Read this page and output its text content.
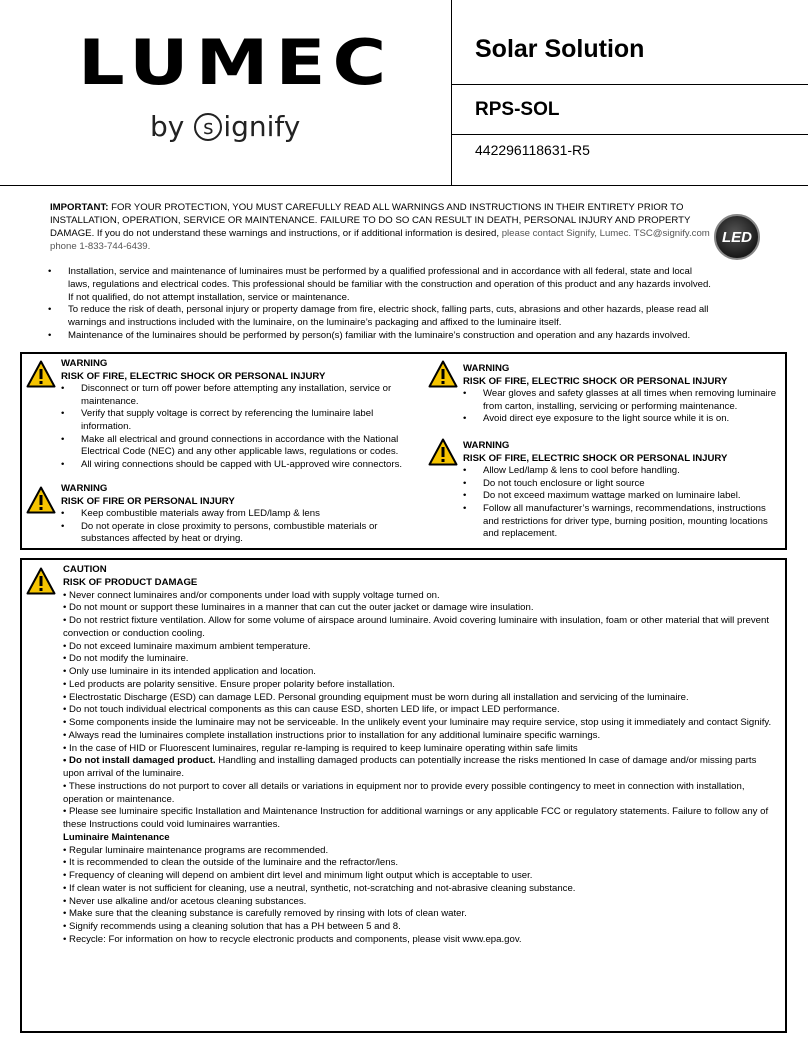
LUMEC
by s ignify
Solar Solution
RPS-SOL
442296118631-R5
IMPORTANT: FOR YOUR PROTECTION, YOU MUST CAREFULLY READ ALL WARNINGS AND INSTRUCTIONS IN THEIR ENTIRETY PRIOR TO INSTALLATION, OPERATION, SERVICE OR MAINTENANCE. FAILURE TO DO SO CAN RESULT IN DEATH, PERSONAL INJURY AND PROPERTY DAMAGE. If you do not understand these warnings and instructions, or if additional information is desired, please contact Signify, Lumec. TSC@signify.com phone 1-833-744-6439.
LED
• Installation, service and maintenance of luminaires must be performed by a qualified professional and in accordance with all federal, state and local laws, regulations and electrical codes. This professional should be familiar with the construction and operation of this product and any hazards involved. If not qualified, do not attempt installation, service or maintenance.
• To reduce the risk of death, personal injury or property damage from fire, electric shock, falling parts, cuts, abrasions and other hazards, please read all warnings and instructions included with the luminaire, on the luminaire’s packaging and affixed to the luminaire itself.
• Maintenance of the luminaires should be performed by person(s) familiar with the luminaire’s construction and operation and any hazards involved.
WARNING
RISK OF FIRE, ELECTRIC SHOCK OR PERSONAL INJURY
• Disconnect or turn off power before attempting any installation, service or maintenance.
• Verify that supply voltage is correct by referencing the luminaire label information.
• Make all electrical and ground connections in accordance with the National Electrical Code (NEC) and any other applicable laws, regulations or codes.
• All wiring connections should be capped with UL-approved wire connectors.
WARNING
RISK OF FIRE OR PERSONAL INJURY
• Keep combustible materials away from LED/lamp & lens
• Do not operate in close proximity to persons, combustible materials or substances affected by heat or drying.
WARNING
RISK OF FIRE, ELECTRIC SHOCK OR PERSONAL INJURY
• Wear gloves and safety glasses at all times when removing luminaire from carton, installing, servicing or performing maintenance.
• Avoid direct eye exposure to the light source while it is on.
WARNING
RISK OF FIRE, ELECTRIC SHOCK OR PERSONAL INJURY
• Allow Led/lamp & lens to cool before handling.
• Do not touch enclosure or light source
• Do not exceed maximum wattage marked on luminaire label.
• Follow all manufacturer’s warnings, recommendations, instructions and restrictions for driver type, burning position, mounting locations and replacement.
CAUTION
RISK OF PRODUCT DAMAGE

• Never connect luminaires and/or components under load with supply voltage turned on.

• Do not mount or support these luminaires in a manner that can cut the outer jacket or damage wire insulation.

• Do not restrict fixture ventilation. Allow for some volume of airspace around luminaire. Avoid covering luminaire with insulation, foam or other material that will prevent convection or conduction cooling.

• Do not exceed luminaire maximum ambient temperature.

• Do not modify the luminaire.

• Only use luminaire in its intended application and location.

• Led products are polarity sensitive. Ensure proper polarity before installation.

• Electrostatic Discharge (ESD) can damage LED. Personal grounding equipment must be worn during all installation and servicing of the luminaire.

• Do not touch individual electrical components as this can cause ESD, shorten LED life, or impact LED performance.

• Some components inside the luminaire may not be serviceable. In the unlikely event your luminaire may require service, stop using it immediately and contact Signify.

• Always read the luminaires complete installation instructions prior to installation for any additional luminaire specific warnings.

• In the case of HID or Fluorescent luminaires, regular re-lamping is required to keep luminaire operating within safe limits

• Do not install damaged product. Handling and installing damaged products can potentially increase the risks mentioned In case of damage and/or missing parts upon arrival of the luminaire.

• These instructions do not purport to cover all details or variations in equipment nor to provide every possible contingency to meet in connection with installation, operation or maintenance.

• Please see luminaire specific Installation and Maintenance Instruction for additional warnings or any applicable FCC or regulatory statements. Failure to follow any of these Instructions could void luminaires warranties.

Luminaire Maintenance

• Regular luminaire maintenance programs are recommended.

• It is recommended to clean the outside of the luminaire and the refractor/lens.

• Frequency of cleaning will depend on ambient dirt level and minimum light output which is acceptable to user.

• If clean water is not sufficient for cleaning, use a neutral, synthetic, not-scratching and not-abrasive cleaning substance.

• Never use alkaline and/or acetous cleaning substances.

• Make sure that the cleaning substance is carefully removed by rinsing with lots of clean water.

• Signify recommends using a cleaning solution that has a PH between 5 and 8.

• Recycle: For information on how to recycle electronic products and components, please visit www.epa.gov.
